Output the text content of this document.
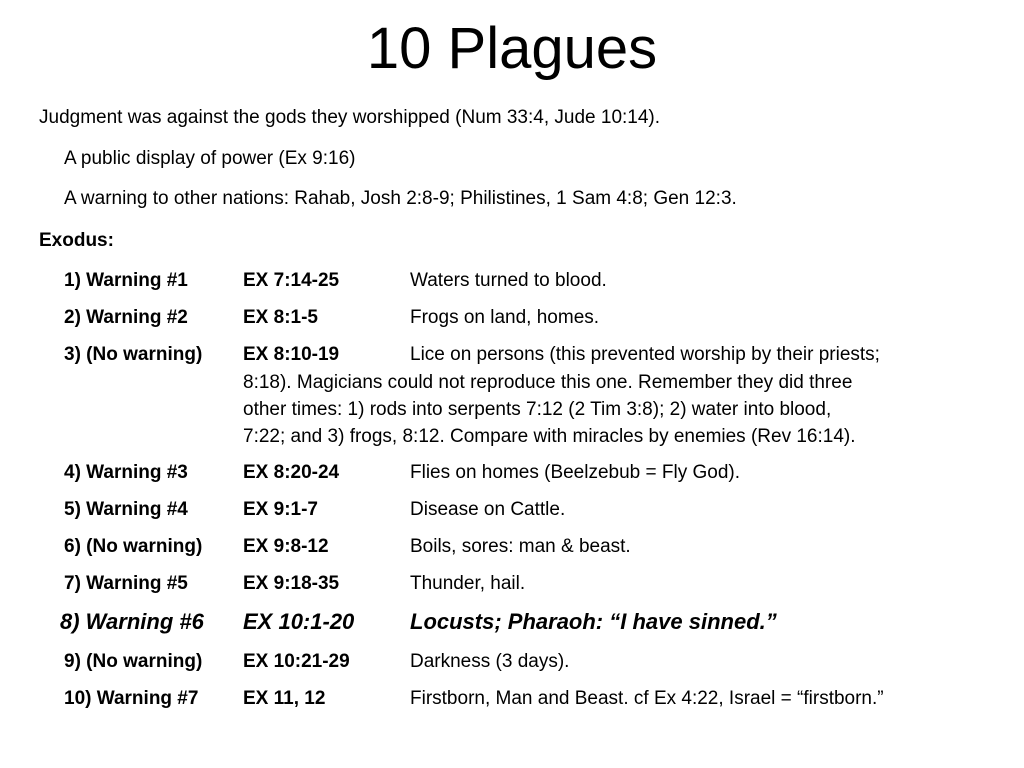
10 Plagues

Judgment was against the gods they worshipped (Num 33:4, Jude 10:14).

A public display of power (Ex 9:16)

A warning to other nations: Rahab, Josh 2:8-9; Philistines, 1 Sam 4:8; Gen 12:3.

Exodus:

1) Warning #1	EX 7:14-25	Waters turned to blood.
2) Warning #2	EX 8:1-5	Frogs on land, homes.
3) (No warning) EX 8:10-19	Lice on persons (this prevented worship by their priests;
8:18). Magicians could not reproduce this one. Remember they did three
other times: 1) rods into serpents 7:12 (2 Tim 3:8); 2) water into blood,
7:22; and 3) frogs, 8:12. Compare with miracles by enemies (Rev 16:14).
4) Warning #3	EX 8:20-24	Flies on homes (Beelzebub = Fly God).
5) Warning #4	EX 9:1-7	Disease on Cattle.
6) (No warning) EX 9:8-12	Boils, sores: man & beast.
7) Warning #5	EX 9:18-35	Thunder, hail.
8) Warning #6 EX 10:1-20	Locusts; Pharaoh: “I have sinned.”
9) (No warning) EX 10:21-29	Darkness (3 days).
10) Warning #7 EX 11, 12	Firstborn, Man and Beast. cf Ex 4:22, Israel = “firstborn.”
